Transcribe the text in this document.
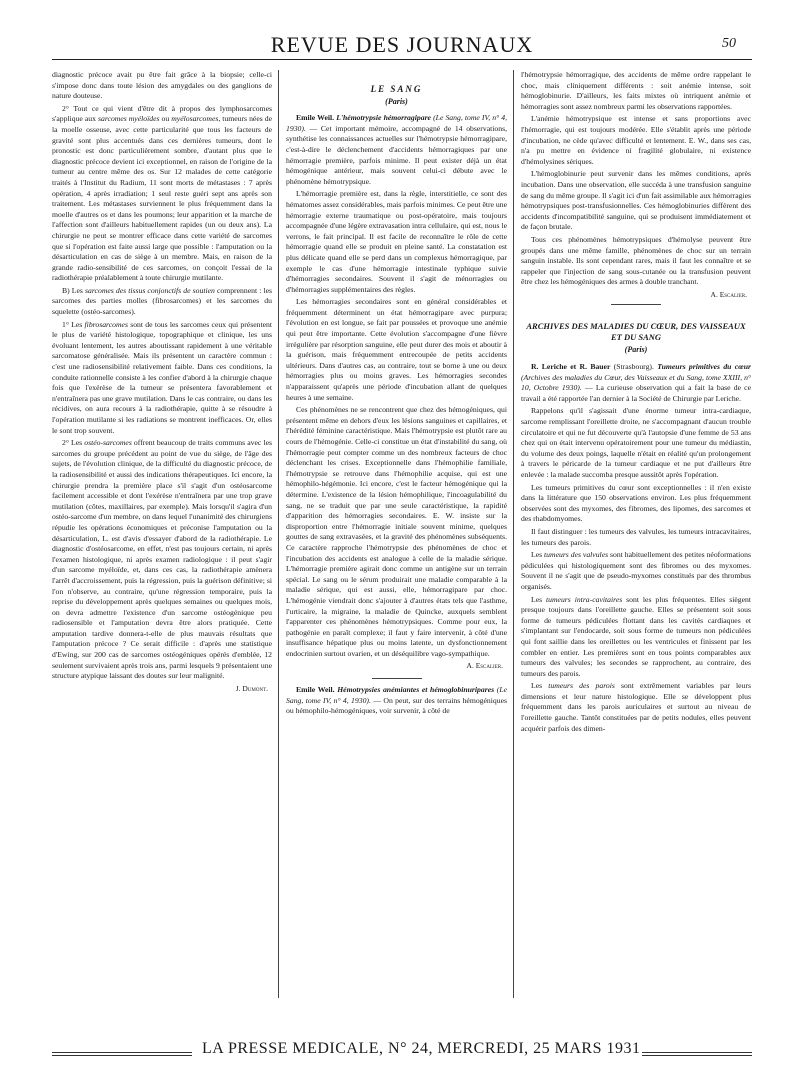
REVUE DES JOURNAUX	50

diagnostic précoce avait pu être fait grâce à la biopsie; celle-ci s'impose donc dans toute lésion des amygdales ou des ganglions de nature douteuse.

2° Tout ce qui vient d'être dit à propos des lymphosarcomes s'applique aux sarcomes myéloïdes ou myélosarcomes, tumeurs nées de la moelle osseuse, avec cette particularité que tous les facteurs de gravité sont plus accentués dans ces dernières tumeurs, dont le pronostic est donc particulièrement sombre, d'autant plus que le diagnostic précoce devient ici exceptionnel, en raison de l'origine de la tumeur au centre même des os. Sur 12 malades de cette catégorie traités à l'Institut du Radium, 11 sont morts de métastases : 7 après opération, 4 après irradiation; 1 seul reste guéri sept ans après son traitement. Les métastases surviennent le plus fréquemment dans la moelle d'autres os et dans les poumons; leur apparition et la marche de l'affection sont d'ailleurs habituellement rapides (un ou deux ans). La chirurgie ne peut se montrer efficace dans cette variété de sarcomes que si l'opération est faite aussi large que possible : l'amputation ou la désarticulation en cas de siège à un membre. Mais, en raison de la grande radio-sensibilité de ces sarcomes, on conçoit l'essai de la radiothérapie préalablement à toute chirurgie mutilante.

B) Les sarcomes des tissus conjonctifs de soutien comprennent : les sarcomes des parties molles (fibrosarcomes) et les sarcomes du squelette (ostéo-sarcomes).

1° Les fibrosarcomes sont de tous les sarcomes ceux qui présentent le plus de variété histologique, topographique et clinique, les uns évoluant lentement, les autres aboutissant rapidement à une véritable sarcomatose généralisée. Mais ils présentent un caractère commun : c'est une radiosensibilité relativement faible. Dans ces conditions, la conduite rationnelle consiste à les confier d'abord à la chirurgie chaque fois que l'exérèse de la tumeur se présentera favorablement et n'entraînera pas une grave mutilation. Dans le cas contraire, ou dans les récidives, on aura recours à la radiothérapie, quitte à se résoudre à l'opération mutilante si les radiations se montrent inefficaces. Or, elles le sont trop souvent.

2° Les ostéo-sarcomes offrent beaucoup de traits communs avec les sarcomes du groupe précédent au point de vue du siège, de l'âge des sujets, de l'évolution clinique, de la difficulté du diagnostic précoce, de la radiosensibilité et aussi des indications thérapeutiques. Ici encore, la chirurgie prendra la première place s'il s'agit d'un ostéosarcome facilement accessible et dont l'exérèse n'entraînera par une trop grave mutilation (côtes, maxillaires, par exemple). Mais lorsqu'il s'agira d'un ostéo-sarcome d'un membre, on dans lequel l'unanimité des chirurgiens répudie les opérations économiques et préconise l'amputation ou la désarticulation, L. est d'avis d'essayer d'abord de la radiothérapie. Le diagnostic d'ostéosarcome, en effet, n'est pas toujours certain, ni après l'examen histologique, ni après examen radiologique : il peut s'agir d'un sarcome myéloïde, et, dans ces cas, la radiothérapie amènera l'arrêt d'accroissement, puis la régression, puis la guérison définitive; si l'on n'observe, au contraire, qu'une régression temporaire, puis la reprise du développement après quelques semaines ou quelques mois, on devra admettre l'existence d'un sarcome ostéogénique peu radiosensible et l'amputation devra être alors pratiquée. Cette amputation tardive donnera-t-elle de plus mauvais résultats que l'amputation précoce ? Ce serait difficile : d'après une statistique d'Ewing, sur 200 cas de sarcomes ostéogéniques opérés d'emblée, 12 seulement survivaient après trois ans, parmi lesquels 9 présentaient une structure atypique laissant des doutes sur leur malignité.

J. Dumont.
LE SANG
(Paris)

Emile Weil. L'hémotrypsie hémorragipare (Le Sang, tome IV, n° 4, 1930). — Cet important mémoire, accompagné de 14 observations, synthétise les connaissances actuelles sur l'hémotrypsie hémorragipare, c'est-à-dire le déclenchement d'accidents hémorragiques par une hémorragie première, parfois minime. Il peut exister déjà un état hémogénique antérieur, mais souvent celui-ci débute avec le phénomène hémotrypsique.

L'hémorragie première est, dans la règle, interstitielle, ce sont des hématomes assez considérables, mais parfois minimes. Ce peut être une hémorragie externe traumatique ou post-opératoire, mais toujours accompagnée d'une légère extravasation intra cellulaire, qui est, nous le verrons, le fait principal. Il est facile de reconnaître le rôle de cette hémorragie quand elle se produit en pleine santé. La constatation est plus délicate quand elle se perd dans un complexus hémorragique, par exemple le cas d'une hémorragie intestinale typhique suivie d'hémorragies secondaires. Souvent il s'agit de ménorragies ou d'hémorragies supplémentaires des règles.

Les hémorragies secondaires sont en général considérables et fréquemment déterminent un état hémorragipare avec purpura; l'évolution en est longue, se fait par poussées et provoque une anémie qui peut être importante. Cette évolution s'accompagne d'une fièvre irrégulière par résorption sanguine, elle peut durer des mois et aboutir à la guérison, mais fréquemment entrecoupée de petits accidents ultérieurs. Dans d'autres cas, au contraire, tout se borne à une ou deux hémorragies plus ou moins graves. Les hémorragies secondes n'apparaissent qu'après une période d'incubation allant de quelques heures à une semaine.

Ces phénomènes ne se rencontrent que chez des hémogéniques, qui présentent même en dehors d'eux les lésions sanguines et capillaires, et l'hérédité féminine caractéristique. Mais l'hémotrypsie est plutôt rare au cours de l'hémogénie. Celle-ci constitue un état d'instabilité du sang, où l'hémorragie peut compter comme un des nombreux facteurs de choc déclenchant les crises. Exceptionnelle dans l'hémophilie familiale, l'hémotrypsie se retrouve dans l'hémophilie acquise, qui est une hémophilo-hégémonie. Ici encore, c'est le facteur hémogénique qui la détermine. L'existence de la lésion hémophilique, l'incoagulabilité du sang, ne se traduit que par une seule caractéristique, la rapidité d'apparition des hémorragies secondaires. E. W. insiste sur la disproportion entre l'hémorragie initiale souvent minime, quelques gouttes de sang extravasées, et la gravité des phénomènes subséquents. Ce caractère rapproche l'hémotrypsie des phénomènes de choc et l'incubation des accidents est analogue à celle de la maladie sérique. L'hémorragie première agirait donc comme un antigène sur un terrain spécial. Le sang ou le sérum produirait une maladie comparable à la maladie sérique, qui est aussi, elle, hémorragipare par choc. L'hémogénie viendrait donc s'ajouter à d'autres états tels que l'asthme, l'urticaire, la migraine, la maladie de Quincke, auxquels semblent l'apparenter ces phénomènes hémotrypsiques. Comme pour eux, la pathogénie en paraît complexe; il faut y faire intervenir, à côté d'une insuffisance hépatique plus ou moins latente, un dysfonctionnement endocrinien surtout ovarien, et un déséquilibre vago-sympathique.

A. Escalier.

Emile Weil. Hémotrypsies anémiantes et hémoglobinuripares (Le Sang, tome IV, n° 4, 1930). — On peut, sur des terrains hémogéniques ou hémophilo-hémogéniques, voir survenir, à côté de

l'hémotrypsie hémorragique, des accidents de même ordre rappelant le choc, mais cliniquement différents : soit anémie intense, soit hémoglobinurie. D'ailleurs, les faits mixtes où intriquent anémie et hémorragies sont assez nombreux parmi les observations rapportées.

L'anémie hémotrypsique est intense et sans proportions avec l'hémorragie, qui est toujours modérée. Elle s'établit après une période d'incubation, ne cède qu'avec difficulté et lentement. E. W., dans ses cas, n'a pu mettre en évidence ni fragilité globulaire, ni existence d'hémolysines sériques.

L'hémoglobinurie peut survenir dans les mêmes conditions, après incubation. Dans une observation, elle succéda à une transfusion sanguine de sang du même groupe. Il s'agit ici d'un fait assimilable aux hémorragies hémotrypsiques post-transfusionnelles. Ces hémoglobinuries diffèrent des accidents d'incompatibilité sanguine, qui se produisent immédiatement et de façon brutale.

Tous ces phénomènes hémotrypsiques d'hémolyse peuvent être groupés dans une même famille, phénomènes de choc sur un terrain sanguin instable. Ils sont cependant rares, mais il faut les connaître et se rappeler que l'injection de sang sous-cutanée ou la transfusion peuvent être chez les hémogéniques des armes à double tranchant.

A. Escalier.
ARCHIVES DES MALADIES DU CŒUR, DES VAISSEAUX ET DU SANG
(Paris)

R. Leriche et R. Bauer (Strasbourg). Tumeurs primitives du cœur (Archives des maladies du Cœur, des Vaisseaux et du Sang, tome XXIII, n° 10, Octobre 1930). — La curieuse observation qui a fait la base de ce travail a été rapportée l'an dernier à la Société de Chirurgie par Leriche.

Rappelons qu'il s'agissait d'une énorme tumeur intra-cardiaque, sarcome remplissant l'oreillette droite, ne s'accompagnant d'aucun trouble circulatoire et qui ne fut découverte qu'à l'autopsie d'une femme de 53 ans chez qui on était intervenu opératoirement pour une tumeur du médiastin, du volume des deux poings, laquelle n'était en réalité qu'un prolongement à travers le péricarde de la tumeur cardiaque et ne put d'ailleurs être enlevée : la malade succomba presque aussitôt après l'opération.

Les tumeurs primitives du cœur sont exceptionnelles : il n'en existe dans la littérature que 150 observations environ. Les plus fréquemment observées sont des myxomes, des fibromes, des lipomes, des sarcomes et des rhabdomyomes.

Il faut distinguer : les tumeurs des valvules, les tumeurs intracavitaires, les tumeurs des parois.

Les tumeurs des valvules sont habituellement des petites néoformations pédiculées qui histologiquement sont des fibromes ou des myxomes. Souvent il ne s'agit que de pseudo-myxomes constitués par des thrombus organisés.

Les tumeurs intra-cavitaires sont les plus fréquentes. Elles siègent presque toujours dans l'oreillette gauche. Elles se présentent soit sous forme de tumeurs pédiculées flottant dans les cavités cardiaques et s'implantant sur l'endocarde, soit sous forme de tumeurs non pédiculées qui font saillie dans les oreillettes ou les ventricules et finissent par les combler en entier. Les premières sont en tous points comparables aux tumeurs des valvules; les secondes se rapprochent, au contraire, des tumeurs des parois.

Les tumeurs des parois sont extrêmement variables par leurs dimensions et leur nature histologique. Elle se développent plus fréquemment dans les parois auriculaires et surtout au niveau de l'oreillette gauche. Tantôt constituées par de petits nodules, elles peuvent acquérir parfois des dimen-

LA PRESSE MEDICALE, N° 24, MERCREDI, 25 MARS 1931
